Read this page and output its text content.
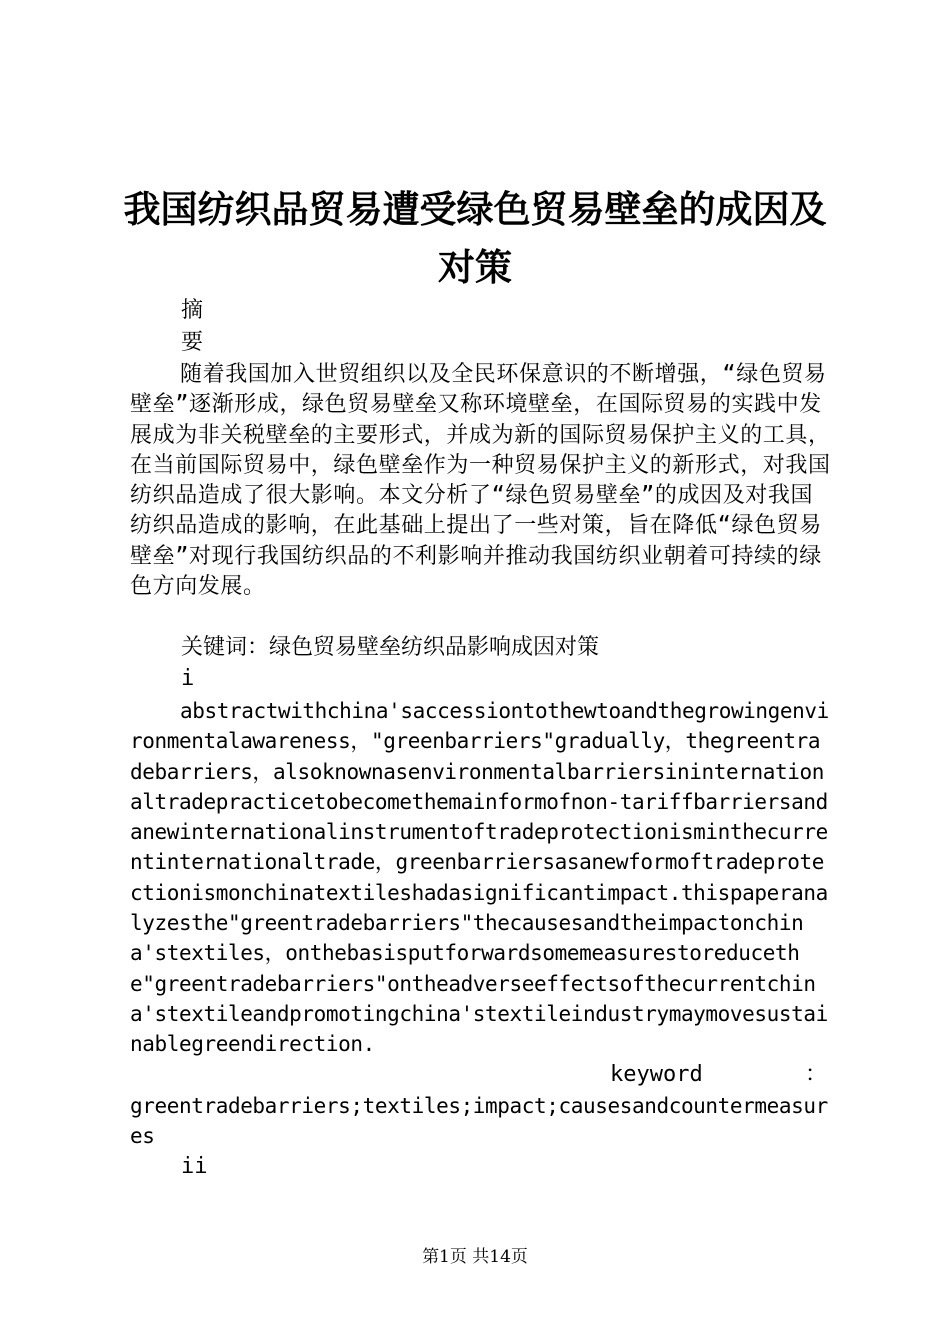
我国纺织品贸易遭受绿色贸易壁垒的成因及对策
摘
要
随着我国加入世贸组织以及全民环保意识的不断增强，“绿色贸易壁垒”逐渐形成，绿色贸易壁垒又称环境壁垒，在国际贸易的实践中发展成为非关税壁垒的主要形式，并成为新的国际贸易保护主义的工具，在当前国际贸易中，绿色壁垒作为一种贸易保护主义的新形式，对我国纺织品造成了很大影响。本文分析了“绿色贸易壁垒”的成因及对我国纺织品造成的影响，在此基础上提出了一些对策，旨在降低“绿色贸易壁垒”对现行我国纺织品的不利影响并推动我国纺织业朝着可持续的绿色方向发展。
关键词：绿色贸易壁垒纺织品影响成因对策
i
abstractwithchina'saccessiontothewtoandthegrowingenvironmentalawareness，"greenbarriers"gradually，thegreentradebarriers，alsoknownasenvironmentalbarriersininternationaltradepracticetobecomethemainformofnon-tariffbarriersandanewinternationalinstrumentoftradeprotectionisminthecurrentinternationaltrade，greenbarriersasanewformoftradeprotectionismonchinatextileshadasignificantimpact.thispaperanalyzesthe"greentradebarriers"thecausesandtheimpactonchina'stextiles，onthebasisputforwardsomemeasurestoreducethe"greentradebarriers"ontheadverseeffectsofthecurrentchina'stextileandpromotingchina'stextileindustrymaymovesustainablegreendirection.
keyword	：
greentradebarriers;textiles;impact;causesandcountermeasures
ii
第1页 共14页
